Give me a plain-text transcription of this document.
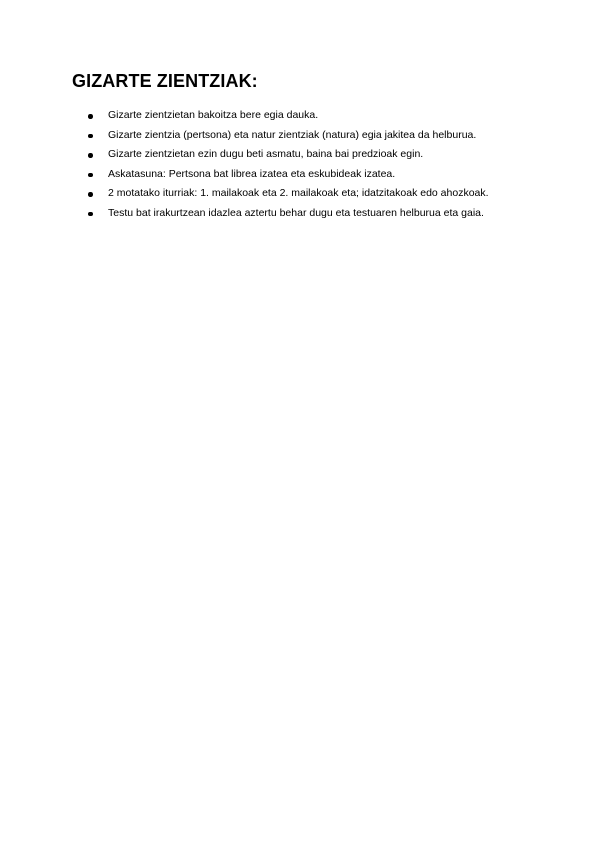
GIZARTE ZIENTZIAK:
Gizarte zientzietan bakoitza bere egia dauka.
Gizarte zientzia (pertsona) eta natur zientziak (natura) egia jakitea da helburua.
Gizarte zientzietan ezin dugu beti asmatu, baina bai predzioak egin.
Askatasuna: Pertsona bat librea izatea eta eskubideak izatea.
2 motatako iturriak: 1. mailakoak eta 2. mailakoak eta; idatzitakoak edo ahozkoak.
Testu bat irakurtzean idazlea aztertu behar dugu eta testuaren helburua eta gaia.
